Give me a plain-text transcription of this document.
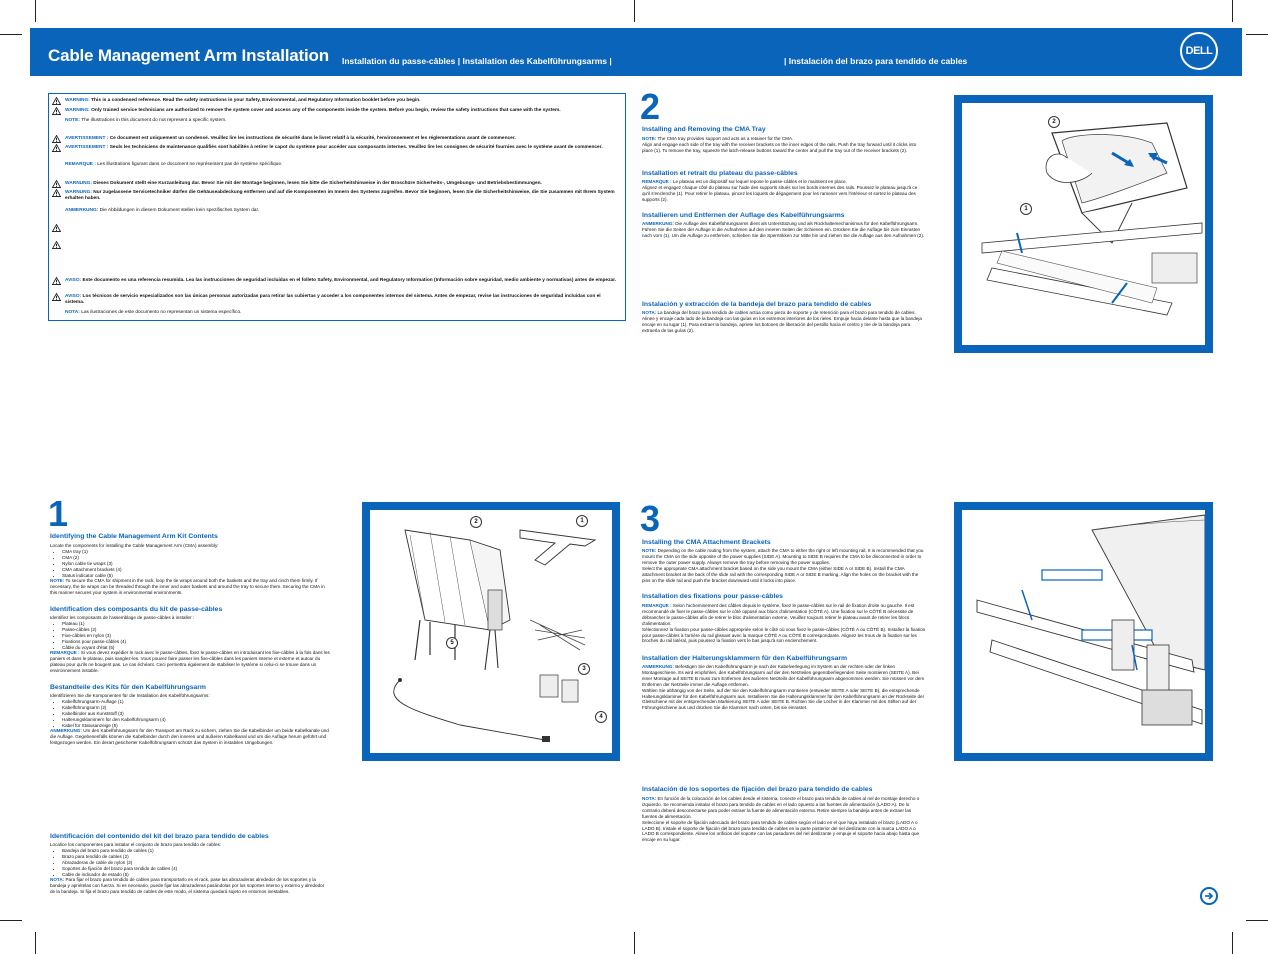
Cable Management Arm Installation Installation du passe-câbles | Installation des Kabelführungsarms |	| Instalación del brazo para tendido de cables
DELL
WARNING: This is a condensed reference. Read the safety instructions in your Safety, Environmental, and Regulatory Information booklet before you begin.
WARNING: Only trained service technicians are authorized to remove the system cover and access any of the components inside the system. Before you begin, review the safety instructions that came with the system.
NOTE: The illustrations in this document do not represent a specific system.
AVERTISSEMENT : Ce document est uniquement un condensé. Veuillez lire les instructions de sécurité dans le livret relatif à la sécurité, l'environnement et les réglementations avant de commencer.
AVERTISSEMENT : Seuls les techniciens de maintenance qualifiés sont habilités à retirer le capot du système pour accéder aux composants internes. Veuillez lire les consignes de sécurité fournies avec le système avant de commencer.
REMARQUE : Les illustrations figurant dans ce document ne représentent pas de système spécifique.
WARNUNG: Dieses Dokument stellt eine Kurzanleitung dar. Bevor Sie mit der Montage beginnen, lesen Sie bitte die Sicherheitshinweise in der Broschüre Sicherheits-, Umgebungs- und Betriebsbestimmungen.
WARNUNG: Nur zugelassene Servicetechniker dürfen die Gehäuseabdeckung entfernen und auf die Komponenten im Innern des Systems zugreifen. Bevor Sie beginnen, lesen Sie die Sicherheitshinweise, die Sie zusammen mit Ihrem System erhalten haben.
ANMERKUNG: Die Abbildungen in diesem Dokument stellen kein spezifisches System dar.
AVISO: Este documento es una referencia resumida. Lea las instrucciones de seguridad incluidas en el folleto Safety, Environmental, and Regulatory Information (Información sobre seguridad, medio ambiente y normativas) antes de empezar.
AVISO: Los técnicos de servicio especializados son las únicas personas autorizadas para retirar las cubiertas y acceder a los componentes internos del sistema. Antes de empezar, revise las instrucciones de seguridad incluidas con el sistema.
NOTA: Las ilustraciones de este documento no representan un sistema específico.
2
Installing and Removing the CMA Tray
NOTE: The CMA tray provides support and acts as a retainer for the CMA.
Align and engage each side of the tray with the receiver brackets on the inner edges of the rails. Push the tray forward until it clicks into place (1). To remove the tray, squeeze the latch-release buttons toward the center and pull the tray out of the receiver brackets (2).
Installation et retrait du plateau du passe-câbles
REMARQUE : Le plateau est un dispositif sur lequel repose le passe-câbles et le maintient en place.
Alignez et engagez chaque côté du plateau sur l'aide des supports situés sur les bords internes des rails. Poussez le plateau jusqu'à ce qu'il s'enclenche (1). Pour retirer le plateau, pincez les loquets de dégagement pour les ramener vers l'intérieur et sortez le plateau des supports (2).
Installieren und Entfernen der Auflage des Kabelführungsarms
ANMERKUNG: Die Auflage des Kabelführungsarms dient als Unterstützung und als Rückhaltemechanismus für den Kabelführungsarm.
Führen Sie die Seiten der Auflage in die Aufnahmen auf den inneren Seiten der Schienen ein. Drücken Sie die Auflage bis zum Einrasten nach vorn (1). Um die Auflage zu entfernen, schieben Sie die Sperrtrikken zur Mitte hin und ziehen Sie die Auflage aus den Aufnahmen (2).
Instalación y extracción de la bandeja del brazo para tendido de cables
NOTA: La bandeja del brazo para tendido de cables actúa como pieza de soporte y de retención para el brazo para tendido de cables.
Alinee y encaje cada lado de la bandeja con las guías en los extremos interiores de los rieles. Empuje hacia delante hasta que la bandeja encaje en su lugar (1). Para extraer la bandeja, apriete los botones de liberación del pestillo hacia el centro y tire de la bandeja para extraerla de las guías (2).
2
1
1
Identifying the Cable Management Arm Kit Contents
Locate the components for installing the Cable Management Arm (CMA) assembly:
• CMA tray (1)
• CMA (2)
• Nylon cable tie wraps (3)
• CMA attachment brackets (4)
• Status indicator cable (5)
NOTE: To secure the CMA for shipment in the rack, loop the tie wraps around both the baskets and the tray and cinch them firmly. If necessary, the tie wraps can be threaded through the inner and outer baskets and around the tray to secure them. Securing the CMA in this manner secures your system in environmental environments.
Identification des composants du kit de passe-câbles
Identifiez les composants de l'assemblage de passe-câbles à installer :
• Plateau (1)
• Passe-câbles (2)
• Fixe-câbles en nylon (3)
• Fixations pour passe-câbles (4)
• Câble du voyant d'état (5)
REMARQUE : Si vous devez expédier le rack avec le passe-câbles, fixez le passe-câbles en introduisant les fixe-câbles à la fois dans les paniers et dans le plateau, puis sanglez-les. Vous pouvez faire passer les fixe-câbles dans les paniers interne et externe et autour du plateau pour qu'ils ne bougent pas. Le cas échéant. Ceci permettra également de stabiliser le système si celui-ci se trouve dans un environnement instable.
Bestandteile des Kits für den Kabelführungsarm
Identifizieren Sie die Komponenten für die Installation des Kabelführungsarms:
• Kabelführungsarm-Auflage (1)
• Kabelführungsarm (2)
• Kabelbinder aus Kunststoff (3)
• Halterungsklammern für den Kabelführungsarm (4)
• Kabel für Statusanzeige (5)
ANMERKUNG: Um den Kabelführungsarm für den Transport am Rack zu sichern, ziehen Sie die Kabelbinder um beide Kabelkanäle und die Auflage. Gegebenenfalls können die Kabelbinder durch den inneren und äußeren Kabelkanal und um die Auflage herum geführt und festgezogen werden. Ein derart gesicherter Kabelführungsarm schützt das System in instabilen Umgebungen.
Identificación del contenido del kit del brazo para tendido de cables
Localice los componentes para instalar el conjunto de brazo para tendido de cables:
• Bandeja del brazo para tendido de cables (1)
• Brazo para tendido de cables (2)
• Abrazaderas de cable de nylon (3)
• Soportes de fijación del brazo para tendido de cables (4)
• Cable de indicador de estado (5)
NOTA: Para fijar el brazo para tendido de cables para transportarlo en el rack, pase las abrazaderas alrededor de los soportes y la bandeja y apriételas con fuerza. Si es necesario, puede fijar las abrazaderas pasándolas por los soportes interno y externo y alrededor de la bandeja. Si fija el brazo para tendido de cables de este modo, el sistema quedará sujeto en entornos inestables.
2	1
5
3
4
3
Installing the CMA Attachment Brackets
NOTE: Depending on the cable routing from the system, attach the CMA to either the right or left mounting rail. It is recommended that you mount the CMA on the side opposite of the power supplies (SIDE A). Mounting to SIDE B requires the CMA to be disconnected in order to remove the outer power supply. Always remove the tray before removing the power supplies.
Select the appropriate CMA attachment bracket based on the side you mount the CMA (either SIDE A or SIDE B). Install the CMA attachment bracket at the back of the slide rail with the corresponding SIDE A or SIDE B marking. Align the holes on the bracket with the pins on the slide rail and push the bracket downward until it locks into place.
Installation des fixations pour passe-câbles
REMARQUE : Selon l'acheminement des câbles depuis le système, fixez le passe-câbles sur le rail de fixation droite ou gauche. Il est recommandé de fixer le passe-câbles sur le côté opposé aux blocs d'alimentation (CÔTÉ A). Une fixation sur le CÔTÉ B nécessite de débrancher le passe-câbles afin de retirer le bloc d'alimentation externe. Veuillez toujours retirer le plateau avant de retirer les blocs d'alimentation.
Sélectionnez la fixation pour passe-câbles appropriée selon le côté où vous fixez le passe-câbles (CÔTÉ A ou CÔTÉ B). Installez la fixation pour passe-câbles à l'arrière du rail glissant avec la marque CÔTÉ A ou CÔTÉ B correspondante. Alignez les trous de la fixation sur les broches du rail latéral, puis poussez la fixation vers le bas jusqu'à son enclenchement.
Installation der Halterungsklammern für den Kabelführungsarm
ANMERKUNG: Befestigen Sie den Kabelführungsarm je nach der Kabelverlegung im System an der rechten oder der linken Montageschiene. Es wird empfohlen, den Kabelführungsarm auf der den Netzteilen gegenüberliegenden Seite montieren (SEITE A). Bei einer Montage auf SEITE B muss zum Entfernen des äußeren Netzteils der Kabelführungsarm abgenommen werden. Sie müssen vor dem Entfernen der Netzteile immer die Auflage entfernen.
Wählen Sie abhängig von der Seite, auf der Sie den Kabelführungsarm montieren (entweder SEITE A oder SEITE B), die entsprechende Halterungsklammer für den Kabelführungsarm aus. Installieren Sie die Halterungsklammer für den Kabelführungsarm an der Rückseite der Gleitschiene mit der entsprechenden Markierung SEITE A oder SEITE B. Richten Sie die Löcher in der Klammer mit den Stiften auf der Führungsschiene aus und drücken Sie die Klammer nach unten, bis sie einrastet.
Instalación de los soportes de fijación del brazo para tendido de cables
NOTA: En función de la colocación de los cables desde el sistema, conecte el brazo para tendido de cables al riel de montaje derecho o izquierdo. Se recomienda instalar el brazo para tendido de cables en el lado opuesto a las fuentes de alimentación (LADO A). De lo contrario deberá desconectarse para poder extraer la fuente de alimentación externa. Retire siempre la bandeja antes de extraer las fuentes de alimentación.
Seleccione el soporte de fijación adecuado del brazo para tendido de cables según el lado en el que haya instalado el brazo (LADO A o LADO B). Instale el soporte de fijación del brazo para tendido de cables en la parte posterior del riel deslizante con la marca LADO A o LADO B correspondiente. Alinee los orificios del soporte con las pasadores del riel deslizante y empuje el soporte hacia abajo hasta que encaje en su lugar.
